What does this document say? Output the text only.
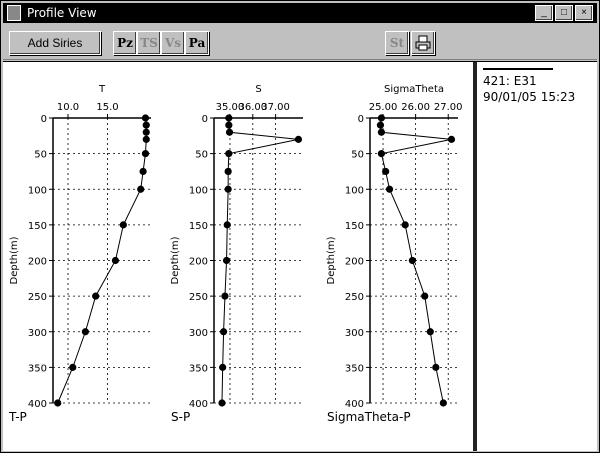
Profile View	_	□	×
Add Siries	Pz TS Vs Pa	St
0
50
100
150
200
250
300
350
400
10.0 15.0
T
Depth(m)
0
50
100
150
200
250
300
350
400
35.00
36.00
37.00
S
Depth(m)
0
50
100
150
200
250
300
350
400
25.00 26.00 27.00
SigmaTheta
Depth(m)
T-P	S-P	SigmaTheta-P
421: E31
90/01/05 15:23
